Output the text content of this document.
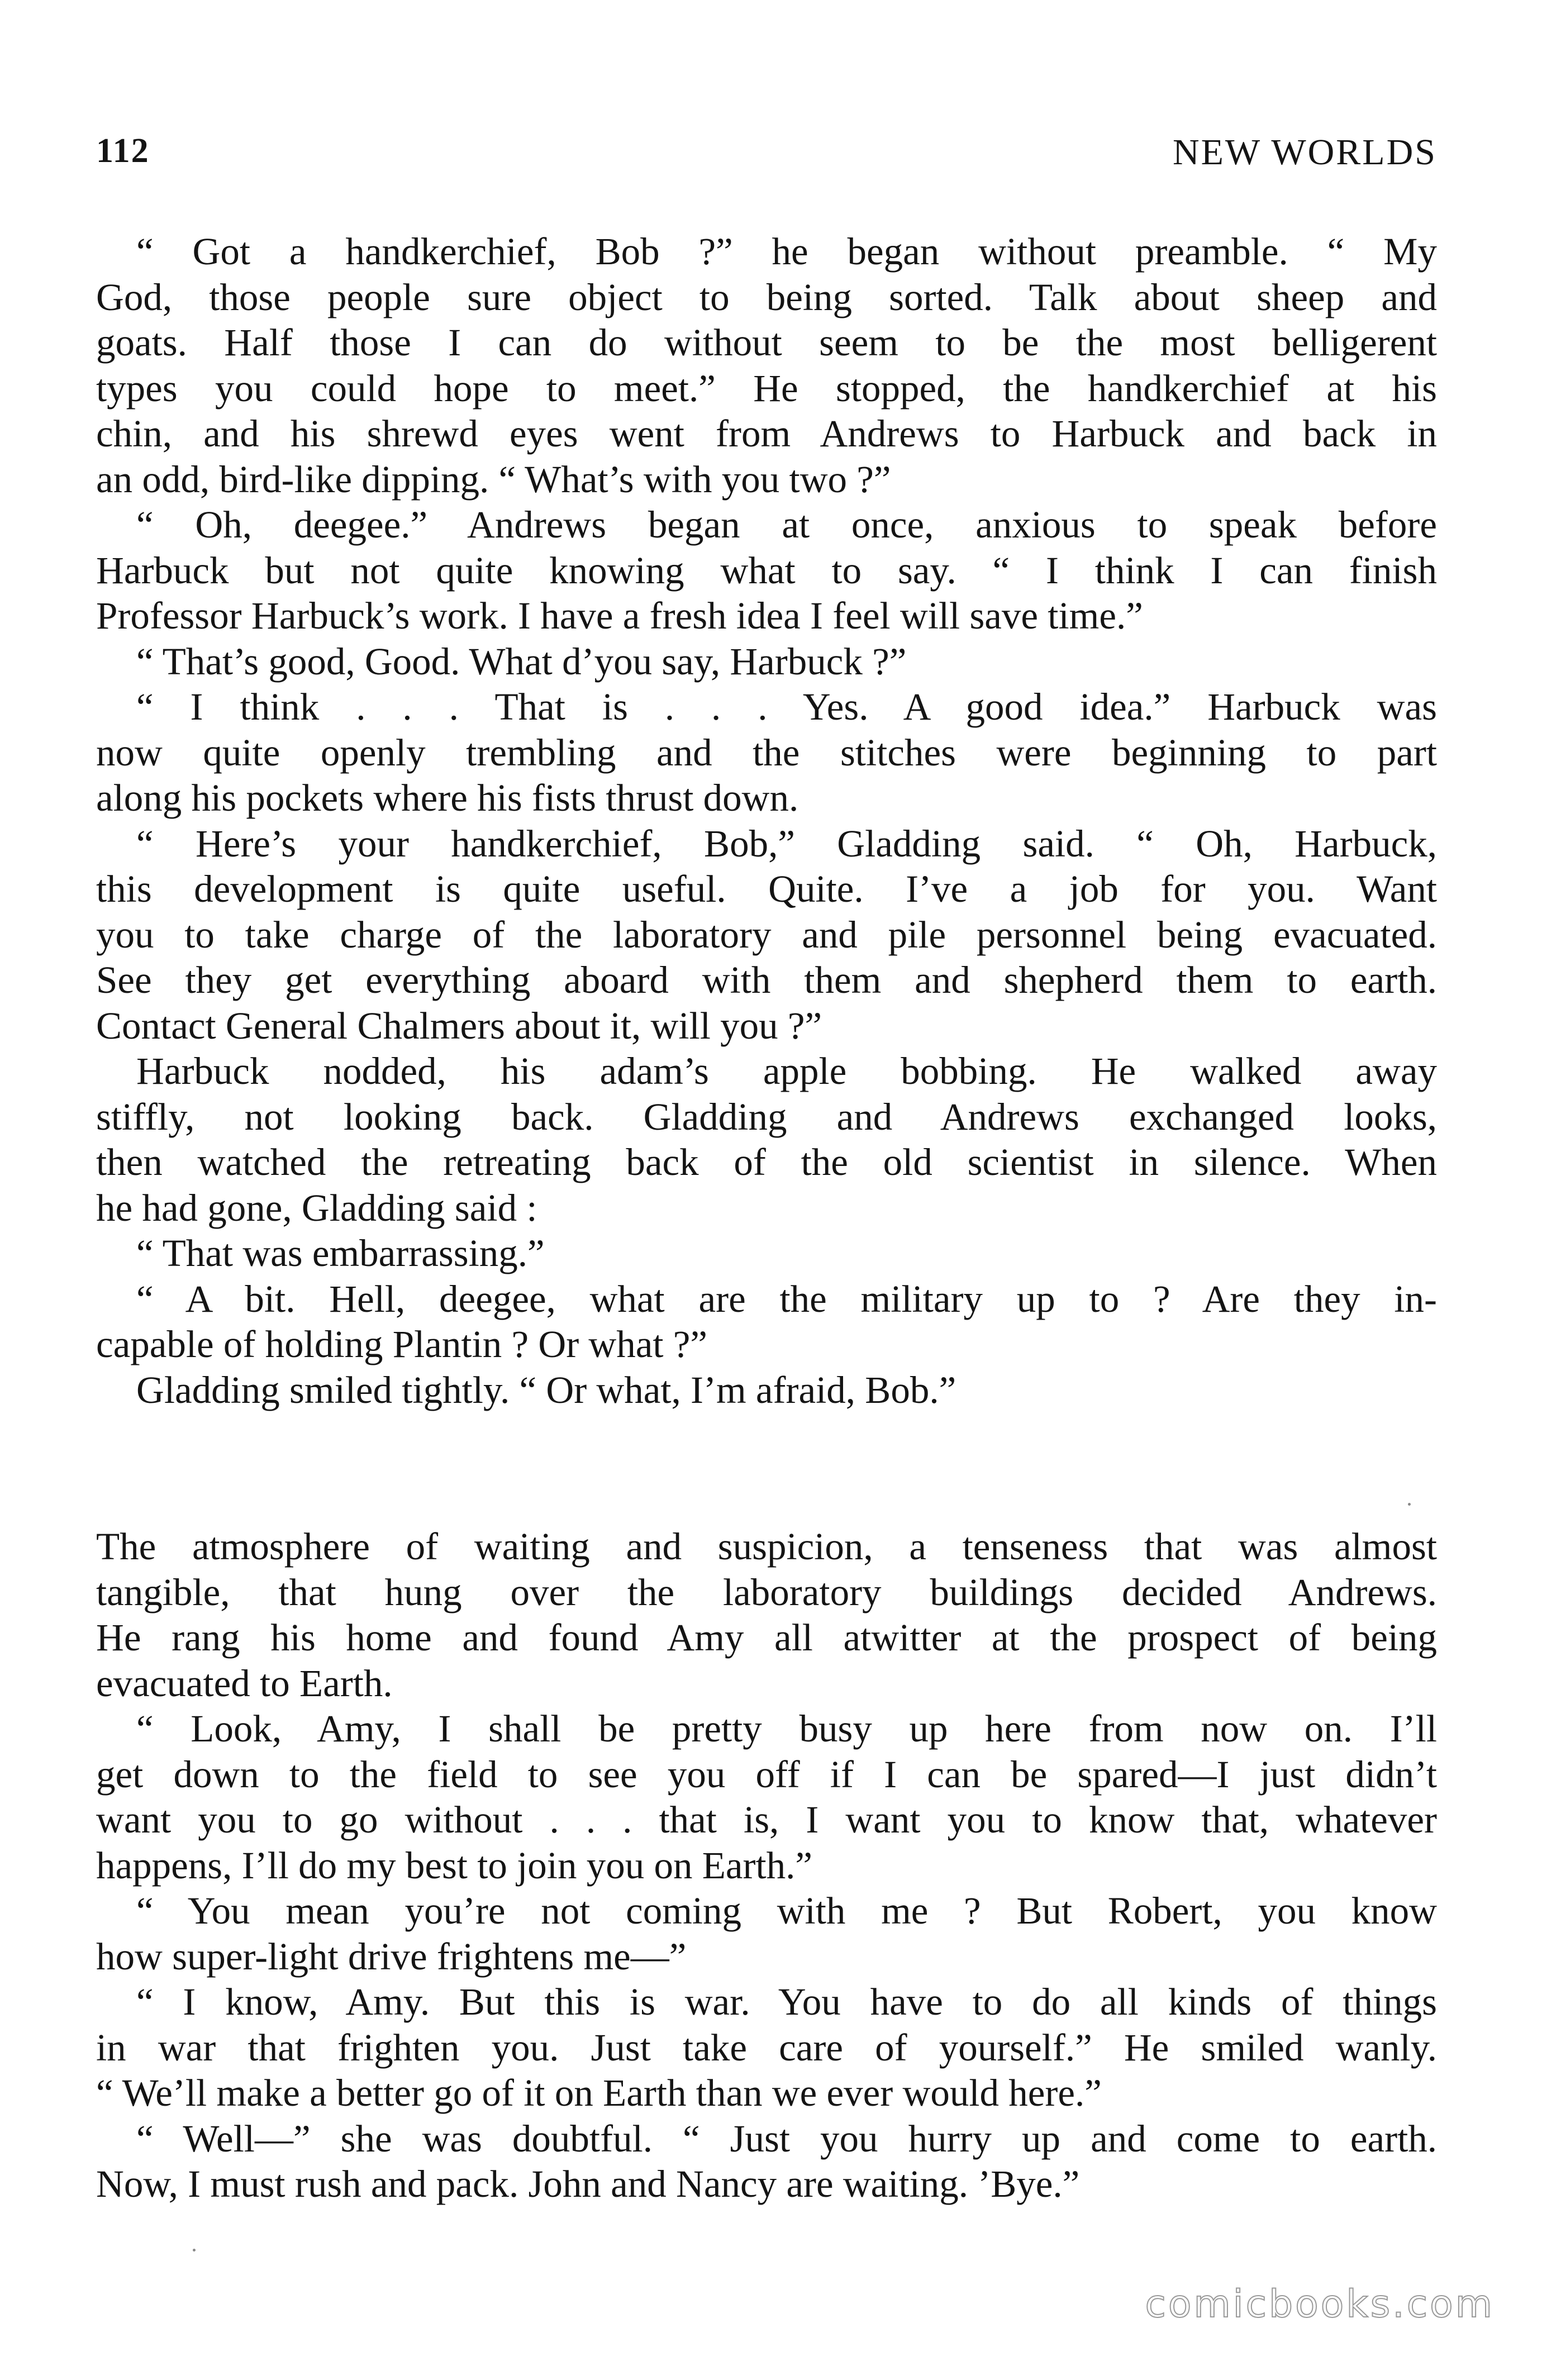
112	NEW WORLDS
“ Got a handkerchief, Bob ?” he began without preamble. “ My
God, those people sure object to being sorted. Talk about sheep and
goats. Half those I can do without seem to be the most belligerent
types you could hope to meet.” He stopped, the handkerchief at his
chin, and his shrewd eyes went from Andrews to Harbuck and back in
an odd, bird-like dipping. “ What’s with you two ?”
“ Oh, deegee.” Andrews began at once, anxious to speak before
Harbuck but not quite knowing what to say. “ I think I can finish
Professor Harbuck’s work. I have a fresh idea I feel will save time.”
“ That’s good, Good. What d’you say, Harbuck ?”
“ I think . . . That is . . . Yes. A good idea.” Harbuck was
now quite openly trembling and the stitches were beginning to part
along his pockets where his fists thrust down.
“ Here’s your handkerchief, Bob,” Gladding said. “ Oh, Harbuck,
this development is quite useful. Quite. I’ve a job for you. Want
you to take charge of the laboratory and pile personnel being evacuated.
See they get everything aboard with them and shepherd them to earth.
Contact General Chalmers about it, will you ?”
Harbuck nodded, his adam’s apple bobbing. He walked away
stiffly, not looking back. Gladding and Andrews exchanged looks,
then watched the retreating back of the old scientist in silence. When
he had gone, Gladding said :
“ That was embarrassing.”
“ A bit. Hell, deegee, what are the military up to ? Are they in-
capable of holding Plantin ? Or what ?”
Gladding smiled tightly. “ Or what, I’m afraid, Bob.”
The atmosphere of waiting and suspicion, a tenseness that was almost
tangible, that hung over the laboratory buildings decided Andrews.
He rang his home and found Amy all atwitter at the prospect of being
evacuated to Earth.
“ Look, Amy, I shall be pretty busy up here from now on. I’ll
get down to the field to see you off if I can be spared—I just didn’t
want you to go without . . . that is, I want you to know that, whatever
happens, I’ll do my best to join you on Earth.”
“ You mean you’re not coming with me ? But Robert, you know
how super-light drive frightens me—”
“ I know, Amy. But this is war. You have to do all kinds of things
in war that frighten you. Just take care of yourself.” He smiled wanly.
“ We’ll make a better go of it on Earth than we ever would here.”
“ Well—” she was doubtful. “ Just you hurry up and come to earth.
Now, I must rush and pack. John and Nancy are waiting. ’Bye.”
comicbooks.com
